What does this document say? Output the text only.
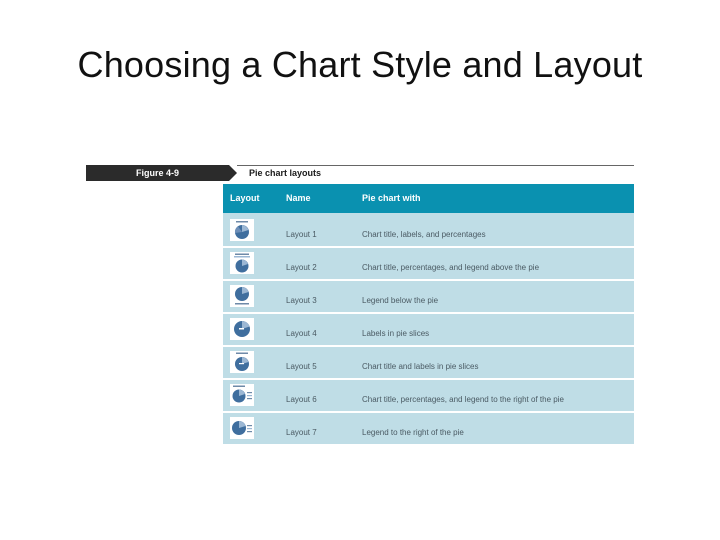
Choosing a Chart Style and Layout
Figure 4-9	Pie chart layouts
Layout	Name	Pie chart with
Layout 1	Chart title, labels, and percentages
Layout 2	Chart title, percentages, and legend above the pie
Layout 3	Legend below the pie
Layout 4	Labels in pie slices
Layout 5	Chart title and labels in pie slices
Layout 6	Chart title, percentages, and legend to the right of the pie
Layout 7	Legend to the right of the pie
